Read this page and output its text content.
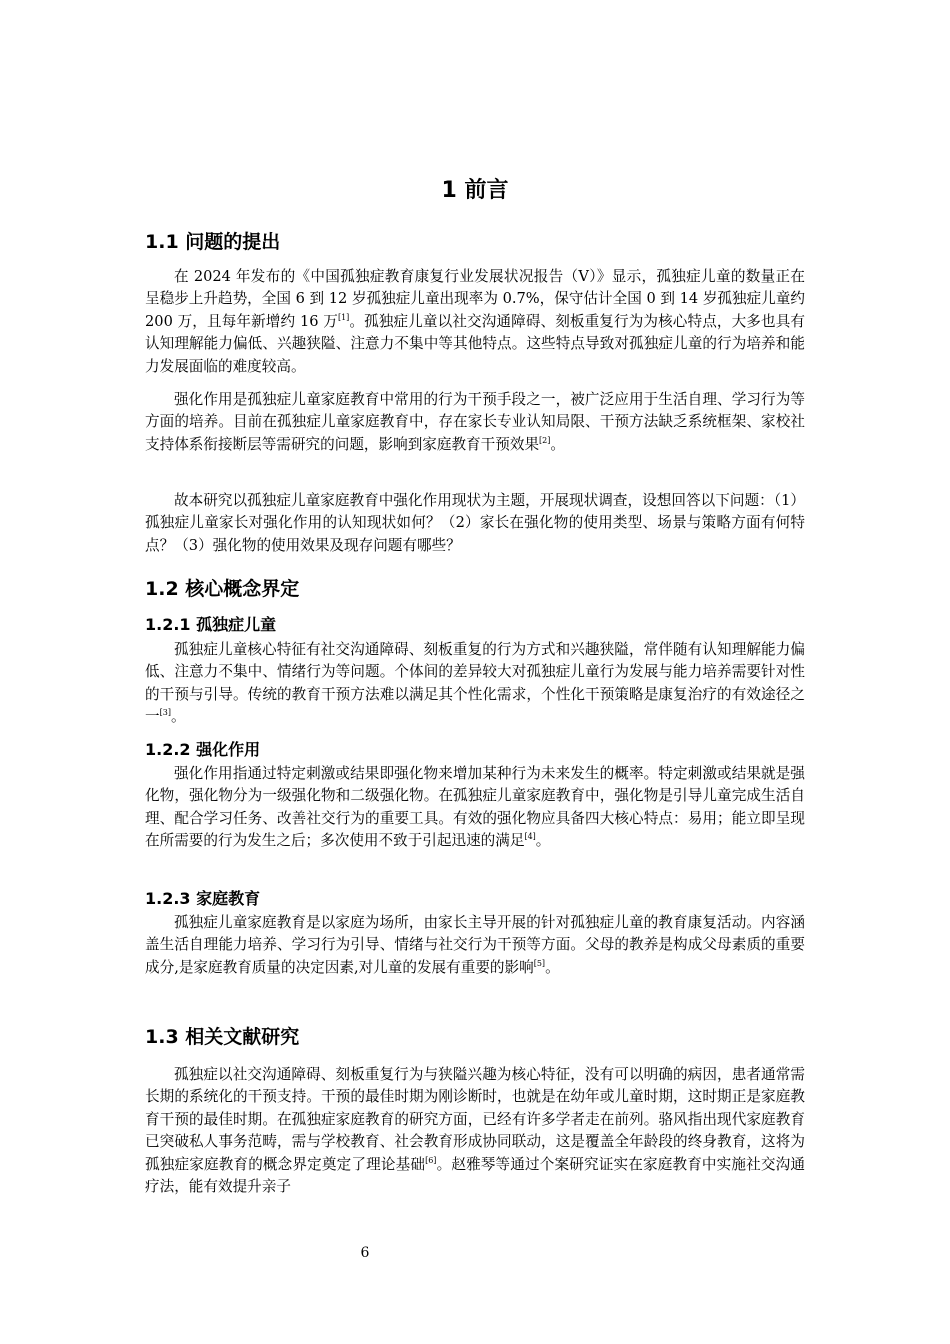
1 前言
1.1 问题的提出

在 2024 年发布的《中国孤独症教育康复行业发展状况报告（Ⅴ）》显示，孤独症儿童的数量正在呈稳步上升趋势，全国 6 到 12 岁孤独症儿童出现率为 0.7%，保守估计全国 0 到 14 岁孤独症儿童约 200 万，且每年新增约 16 万[1]。孤独症儿童以社交沟通障碍、刻板重复行为为核心特点，大多也具有认知理解能力偏低、兴趣狭隘、注意力不集中等其他特点。这些特点导致对孤独症儿童的行为培养和能力发展面临的难度较高。

强化作用是孤独症儿童家庭教育中常用的行为干预手段之一，被广泛应用于生活自理、学习行为等方面的培养。目前在孤独症儿童家庭教育中，存在家长专业认知局限、干预方法缺乏系统框架、家校社支持体系衔接断层等需研究的问题，影响到家庭教育干预效果[2]。

故本研究以孤独症儿童家庭教育中强化作用现状为主题，开展现状调查，设想回答以下问题：（1）孤独症儿童家长对强化作用的认知现状如何？（2）家长在强化物的使用类型、场景与策略方面有何特点？（3）强化物的使用效果及现存问题有哪些？

1.2 核心概念界定
1.2.1 孤独症儿童

孤独症儿童核心特征有社交沟通障碍、刻板重复的行为方式和兴趣狭隘，常伴随有认知理解能力偏低、注意力不集中、情绪行为等问题。个体间的差异较大对孤独症儿童行为发展与能力培养需要针对性的干预与引导。传统的教育干预方法难以满足其个性化需求，个性化干预策略是康复治疗的有效途径之一[3]。

1.2.2 强化作用

强化作用指通过特定刺激或结果即强化物来增加某种行为未来发生的概率。特定刺激或结果就是强化物，强化物分为一级强化物和二级强化物。在孤独症儿童家庭教育中，强化物是引导儿童完成生活自理、配合学习任务、改善社交行为的重要工具。有效的强化物应具备四大核心特点：易用；能立即呈现在所需要的行为发生之后；多次使用不致于引起迅速的满足[4]。

1.2.3 家庭教育

孤独症儿童家庭教育是以家庭为场所，由家长主导开展的针对孤独症儿童的教育康复活动。内容涵盖生活自理能力培养、学习行为引导、情绪与社交行为干预等方面。父母的教养是构成父母素质的重要成分,是家庭教育质量的决定因素,对儿童的发展有重要的影响[5]。

1.3 相关文献研究

孤独症以社交沟通障碍、刻板重复行为与狭隘兴趣为核心特征，没有可以明确的病因，患者通常需长期的系统化的干预支持。干预的最佳时期为刚诊断时，也就是在幼年或儿童时期，这时期正是家庭教育干预的最佳时期。在孤独症家庭教育的研究方面，已经有许多学者走在前列。骆风指出现代家庭教育已突破私人事务范畴，需与学校教育、社会教育形成协同联动，这是覆盖全年龄段的终身教育，这将为孤独症家庭教育的概念界定奠定了理论基础[6]。赵雅琴等通过个案研究证实在家庭教育中实施社交沟通疗法，能有效提升亲子

6
